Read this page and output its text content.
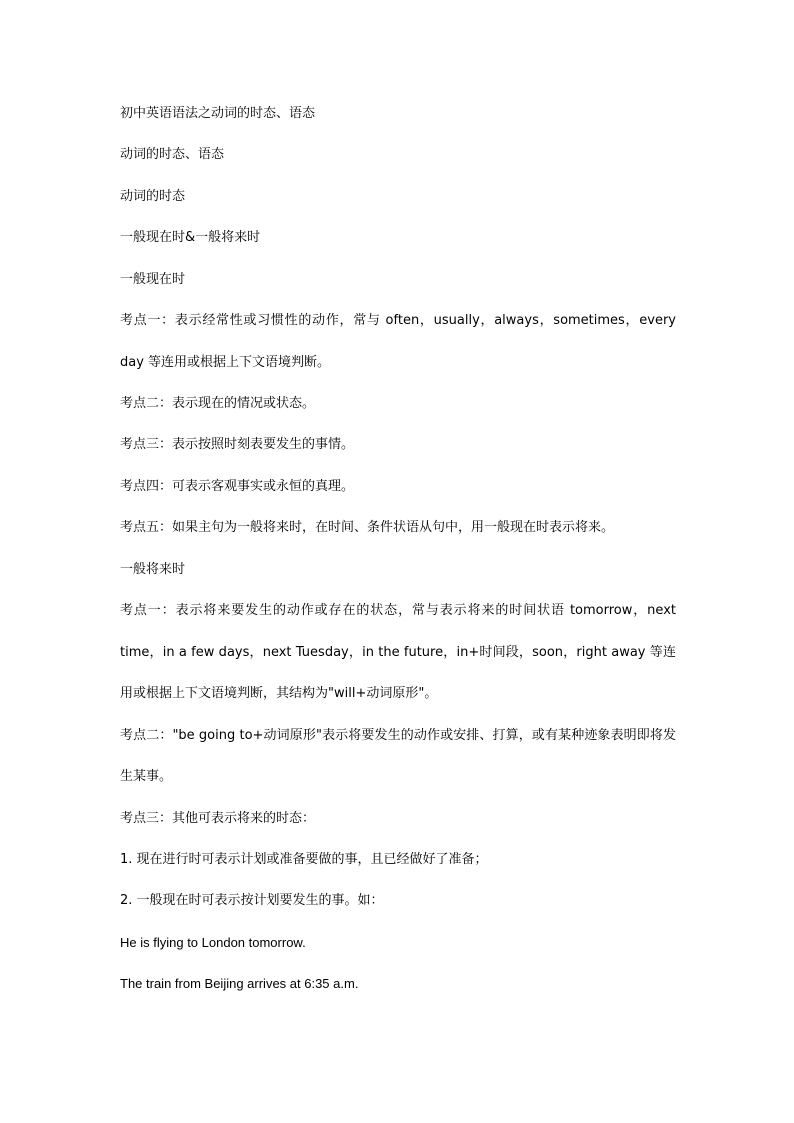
初中英语语法之动词的时态、语态
动词的时态、语态
动词的时态
一般现在时&一般将来时
一般现在时
考点一：表示经常性或习惯性的动作，常与 often，usually，always，sometimes，every day 等连用或根据上下文语境判断。
考点二：表示现在的情况或状态。
考点三：表示按照时刻表要发生的事情。
考点四：可表示客观事实或永恒的真理。
考点五：如果主句为一般将来时，在时间、条件状语从句中，用一般现在时表示将来。
一般将来时
考点一：表示将来要发生的动作或存在的状态，常与表示将来的时间状语 tomorrow，next time，in a few days，next Tuesday，in the future，in+时间段，soon，right away 等连用或根据上下文语境判断，其结构为"will+动词原形"。
考点二："be going to+动词原形"表示将要发生的动作或安排、打算，或有某种迹象表明即将发生某事。
考点三：其他可表示将来的时态：
1. 现在进行时可表示计划或准备要做的事，且已经做好了准备；
2. 一般现在时可表示按计划要发生的事。如：
He is flying to London tomorrow.
The train from Beijing arrives at 6:35 a.m.
